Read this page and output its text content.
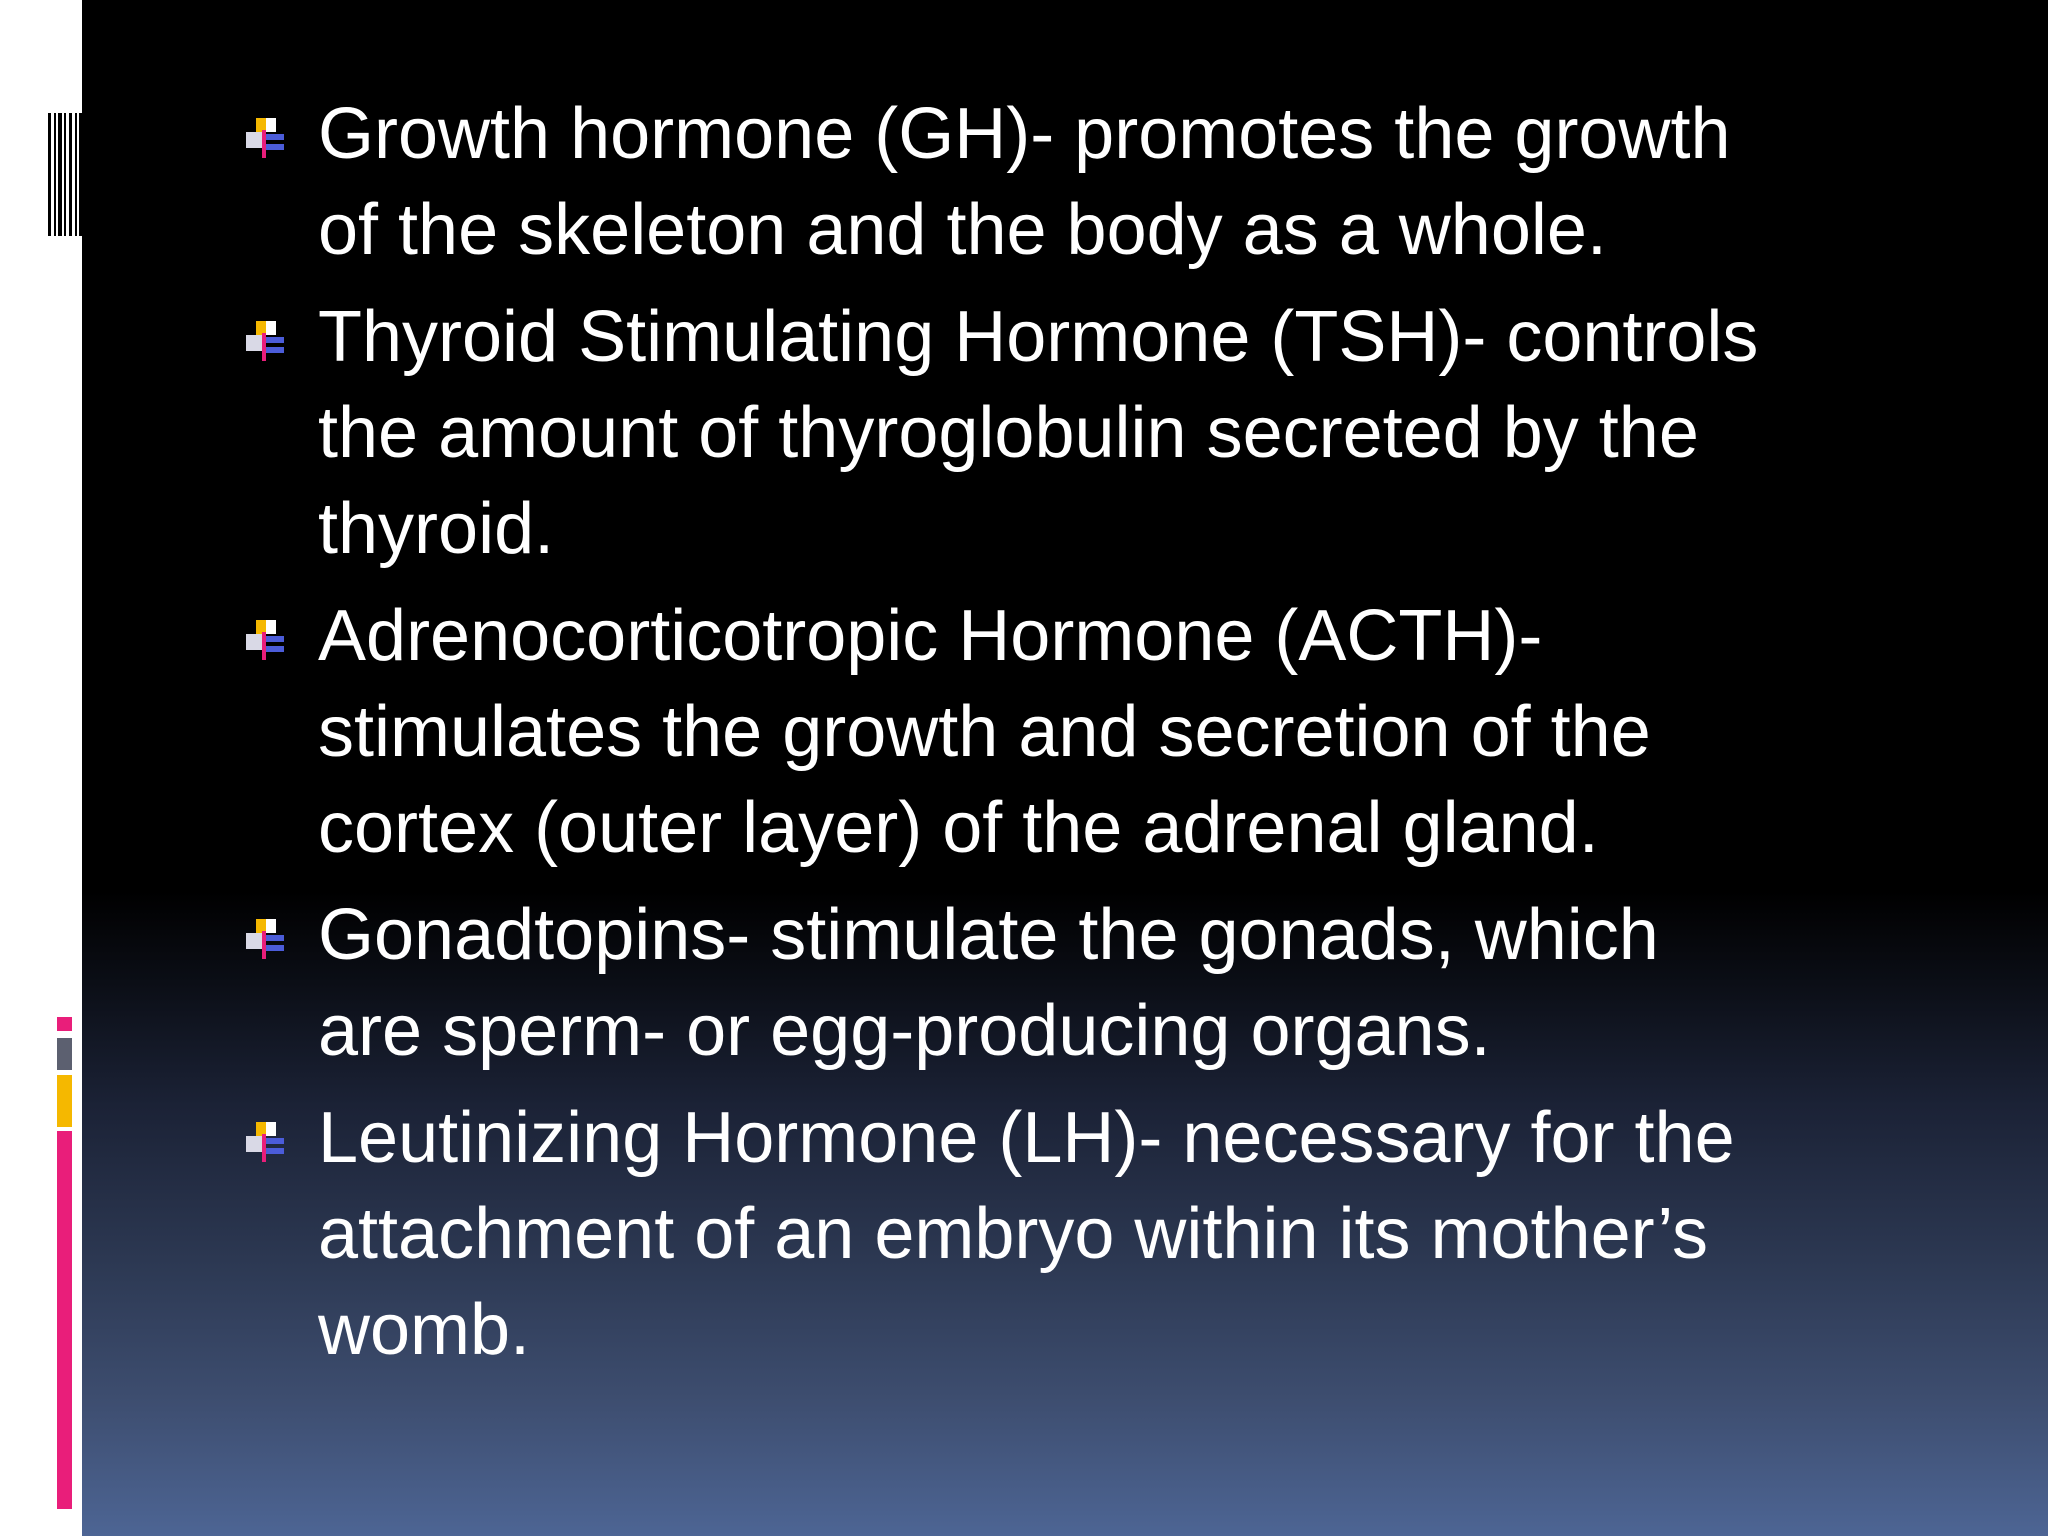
Growth hormone (GH)- promotes the growth
of the skeleton and the body as a whole.
Thyroid Stimulating Hormone (TSH)- controls
the amount of thyroglobulin secreted by the
thyroid.
Adrenocorticotropic Hormone (ACTH)-
stimulates the growth and secretion of the
cortex (outer layer) of the adrenal gland.
Gonadtopins- stimulate the gonads, which
are sperm- or egg-producing organs.
Leutinizing Hormone (LH)- necessary for the
attachment of an embryo within its mother’s
womb.
